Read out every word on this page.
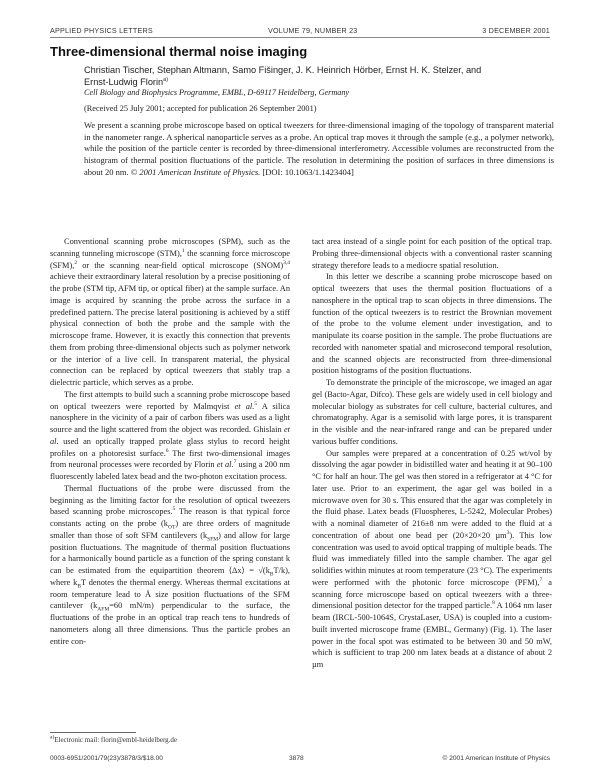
APPLIED PHYSICS LETTERS	VOLUME 79, NUMBER 23	3 DECEMBER 2001
Three-dimensional thermal noise imaging
Christian Tischer, Stephan Altmann, Samo Fišinger, J. K. Heinrich Hörber, Ernst H. K. Stelzer, and Ernst-Ludwig Florin$^{a)}$
Cell Biology and Biophysics Programme, EMBL, D-69117 Heidelberg, Germany
(Received 25 July 2001; accepted for publication 26 September 2001)

We present a scanning probe microscope based on optical tweezers for three-dimensional imaging of the topology of transparent material in the nanometer range. A spherical nanoparticle serves as a probe. An optical trap moves it through the sample (e.g., a polymer network), while the position of the particle center is recorded by three-dimensional interferometry. Accessible volumes are reconstructed from the histogram of thermal position fluctuations of the particle. The resolution in determining the position of surfaces in three dimensions is about 20 nm. © 2001 American Institute of Physics. [DOI: 10.1063/1.1423404]

Conventional scanning probe microscopes (SPM), such as the scanning tunneling microscope (STM),$^1$ the scanning force microscope (SFM),$^2$ or the scanning near-field optical microscope (SNOM)$^{3,4}$ achieve their extraordinary lateral resolution by a precise positioning of the probe (STM tip, AFM tip, or optical fiber) at the sample surface. An image is acquired by scanning the probe across the surface in a predefined pattern. The precise lateral positioning is achieved by a stiff physical connection of both the probe and the sample with the microscope frame. However, it is exactly this connection that prevents them from probing three-dimensional objects such as polymer network or the interior of a live cell. In transparent material, the physical connection can be replaced by optical tweezers that stably trap a dielectric particle, which serves as a probe.

The first attempts to build such a scanning probe microscope based on optical tweezers were reported by Malmqvist et al.$^5$ A silica nanosphere in the vicinity of a pair of carbon fibers was used as a light source and the light scattered from the object was recorded. Ghislain et al. used an optically trapped prolate glass stylus to record height profiles on a photoresist surface.$^6$ The first two-dimensional images from neuronal processes were recorded by Florin et al.$^7$ using a 200 nm fluorescently labeled latex bead and the two-photon excitation process.

Thermal fluctuations of the probe were discussed from the beginning as the limiting factor for the resolution of optical tweezers based scanning probe microscopes.$^5$ The reason is that typical force constants acting on the probe $(k_{OT})$ are three orders of magnitude smaller than those of soft SFM cantilevers $(k_{SFM})$ and allow for large position fluctuations. The magnitude of thermal position fluctuations for a harmonically bound particle as a function of the spring constant k can be estimated from the equipartition theorem ⟨Δx⟩ = $√(k_BT/k)$, where $k_BT$ denotes the thermal energy. Whereas thermal excitations at room temperature lead to Å size position fluctuations of the SFM cantilever ($k_{AFM}=60$ mN/m) perpendicular to the surface, the fluctuations of the probe in an optical trap reach tens to hundreds of nanometers along all three dimensions. Thus the particle probes an entire con-

tact area instead of a single point for each position of the optical trap. Probing three-dimensional objects with a conventional raster scanning strategy therefore leads to a mediocre spatial resolution.

In this letter we describe a scanning probe microscope based on optical tweezers that uses the thermal position fluctuations of a nanosphere in the optical trap to scan objects in three dimensions. The function of the optical tweezers is to restrict the Brownian movement of the probe to the volume element under investigation, and to manipulate its coarse position in the sample. The probe fluctuations are recorded with nanometer spatial and microsecond temporal resolution, and the scanned objects are reconstructed from three-dimensional position histograms of the position fluctuations.

To demonstrate the principle of the microscope, we imaged an agar gel (Bacto-Agar, Difco). These gels are widely used in cell biology and molecular biology as substrates for cell culture, bacterial cultures, and chromatography. Agar is a semisolid with large pores, it is transparent in the visible and the near-infrared range and can be prepared under various buffer conditions.

Our samples were prepared at a concentration of 0.25 wt/vol by dissolving the agar powder in bidistilled water and heating it at 90–100 °C for half an hour. The gel was then stored in a refrigerator at 4 °C for later use. Prior to an experiment, the agar gel was boiled in a microwave oven for 30 s. This ensured that the agar was completely in the fluid phase. Latex beads (Fluospheres, L-5242, Molecular Probes) with a nominal diameter of 216±8 nm were added to the fluid at a concentration of about one bead per (20×20×20 µm$^3$). This low concentration was used to avoid optical trapping of multiple beads. The fluid was immediately filled into the sample chamber. The agar gel solidifies within minutes at room temperature (23 °C). The experiments were performed with the photonic force microscope (PFM),$^7$ a scanning force microscope based on optical tweezers with a three-dimensional position detector for the trapped particle.$^8$ A 1064 nm laser beam (IRCL-500-1064S, CrystaLaser, USA) is coupled into a custom-built inverted microscope frame (EMBL, Germany) (Fig. 1). The laser power in the focal spot was estimated to be between 30 and 50 mW, which is sufficient to trap 200 nm latex beads at a distance of about 2 µm

$^{a)}$Electronic mail: florin@embl-heidelberg.de
0003-6951/2001/79(23)/3878/3/$18.00	3878	© 2001 American Institute of Physics
